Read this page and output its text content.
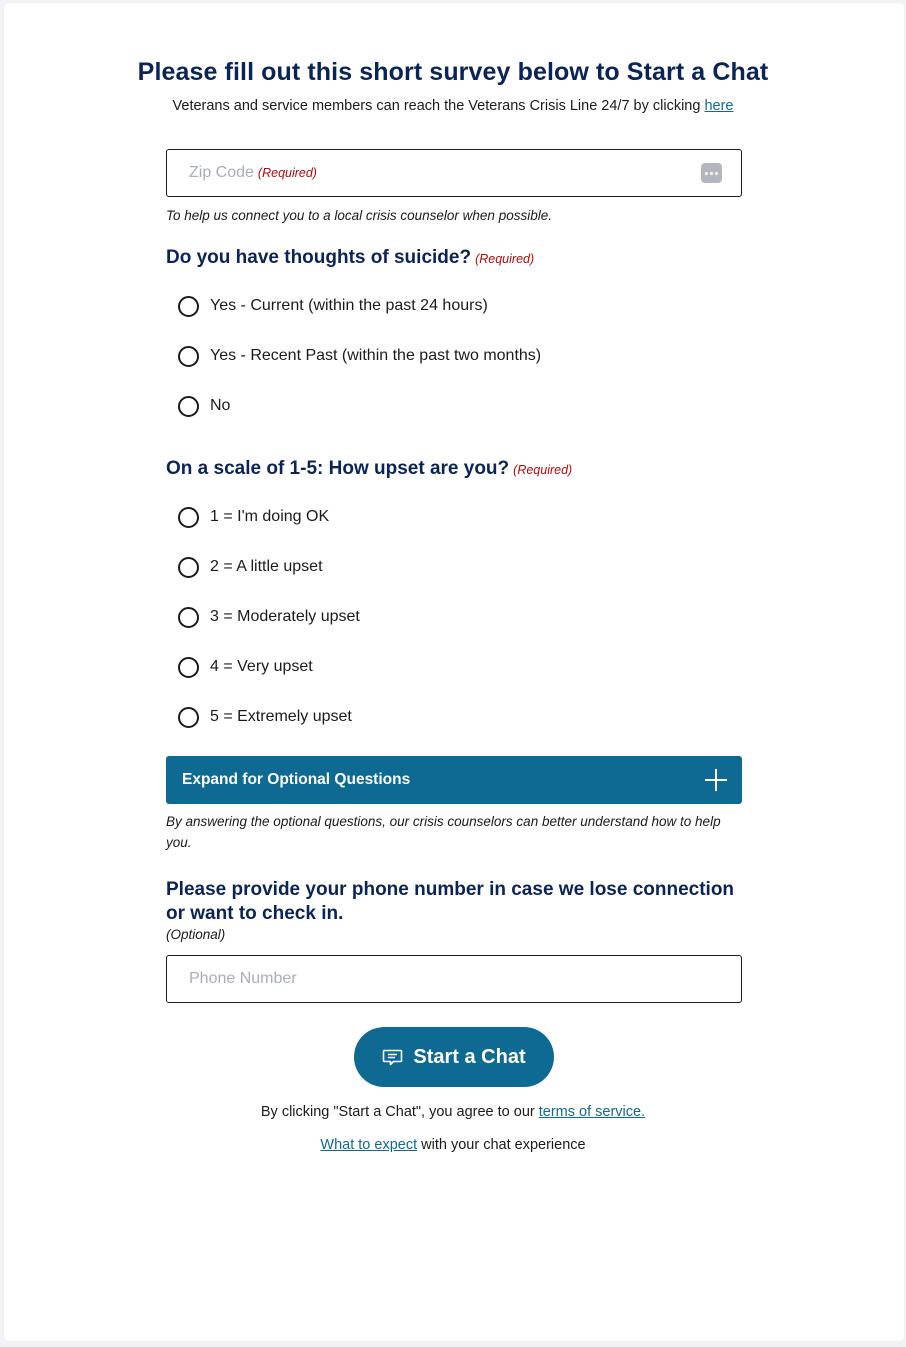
Please fill out this short survey below to Start a Chat

Veterans and service members can reach the Veterans Crisis Line 24/7 by clicking here

Zip Code (Required)

To help us connect you to a local crisis counselor when possible.

Do you have thoughts of suicide? (Required)
Yes - Current (within the past 24 hours)
Yes - Recent Past (within the past two months)
No
On a scale of 1-5: How upset are you? (Required)
1 = I'm doing OK
2 = A little upset
3 = Moderately upset
4 = Very upset
5 = Extremely upset
Expand for Optional Questions

By answering the optional questions, our crisis counselors can better understand how to help you.

Please provide your phone number in case we lose connection or want to check in.
(Optional)
Phone Number
Start a Chat

By clicking "Start a Chat", you agree to our terms of service.

What to expect with your chat experience
